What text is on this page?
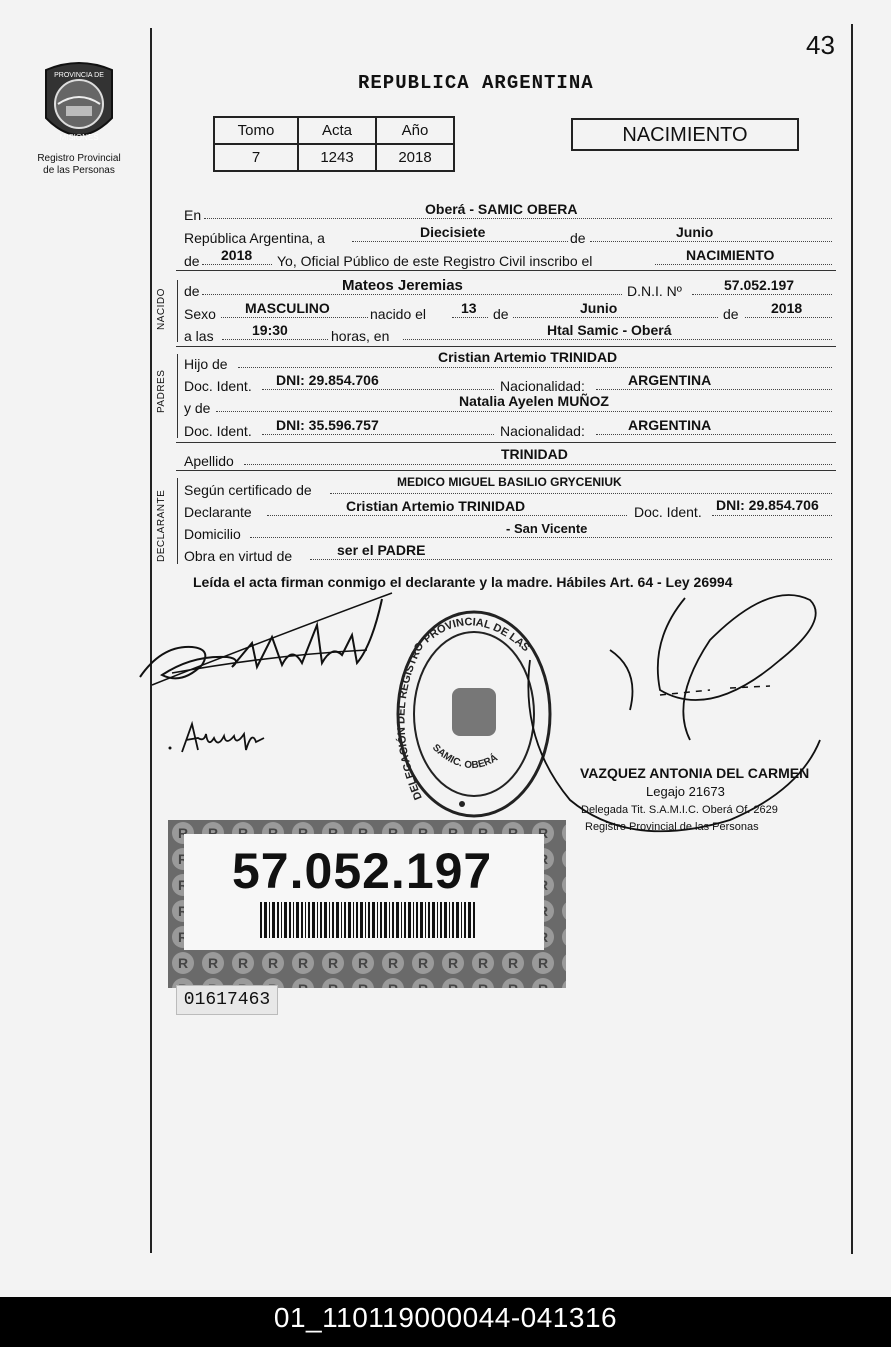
43
PROVINCIA DE
MISIONES
Registro Provincial
de las Personas
REPUBLICA ARGENTINA
Tomo	Acta	Año
7	1243	2018
NACIMIENTO
En	Oberá - SAMIC OBERA
República Argentina, a	Diecisiete	de	Junio
de 2018 Yo, Oficial Público de este Registro Civil inscribo el	NACIMIENTO
NACIDO de	Mateos Jeremias	D.N.I. Nº	57.052.197
Sexo MASCULINO	nacido el 13 de	Junio	de 2018
a las	19:30	horas, en	Htal Samic - Oberá
PADRES
Hijo de	Cristian Artemio TRINIDAD
Doc. Ident. DNI: 29.854.706	Nacionalidad:	ARGENTINA
y de	Natalia Ayelen MUÑOZ
Doc. Ident. DNI: 35.596.757	Nacionalidad:	ARGENTINA
Apellido	TRINIDAD
DECLARANTE Según certificado de	MEDICO MIGUEL BASILIO GRYCENIUK
Declarante	Cristian Artemio TRINIDAD	Doc. Ident. DNI: 29.854.706
Domicilio	- San Vicente
Obra en virtud de	ser el PADRE
Leída el acta firman conmigo el declarante y la madre. Hábiles Art. 64 - Ley 26994
DELEGACIÓN DEL REGISTRO PROVINCIAL DE LAS
SAMIC. OBERÁ
VAZQUEZ ANTONIA DEL CARMEN
Legajo 21673
Delegada Tit. S.A.M.I.C. Oberá Of. 2629
Registro Provincial de las Personas
57.052.197
01617463
01_110119000044-041316
